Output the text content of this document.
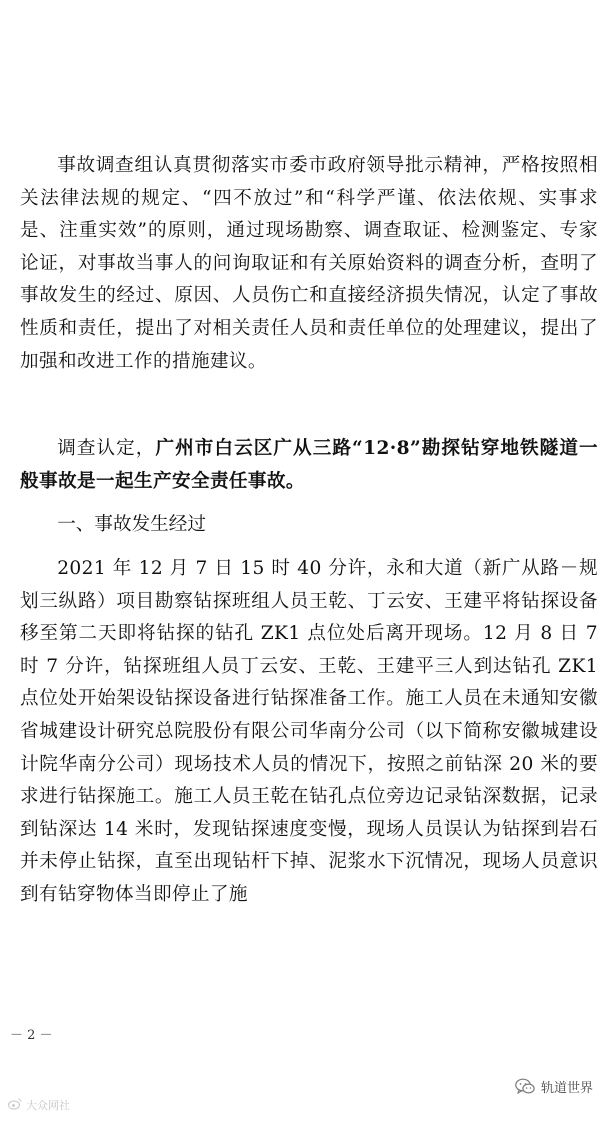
事故调查组认真贯彻落实市委市政府领导批示精神，严格按照相关法律法规的规定、“四不放过”和“科学严谨、依法依规、实事求是、注重实效”的原则，通过现场勘察、调查取证、检测鉴定、专家论证，对事故当事人的问询取证和有关原始资料的调查分析，查明了事故发生的经过、原因、人员伤亡和直接经济损失情况，认定了事故性质和责任，提出了对相关责任人员和责任单位的处理建议，提出了加强和改进工作的措施建议。

调查认定，广州市白云区广从三路“12·8”勘探钻穿地铁隧道一般事故是一起生产安全责任事故。

一、事故发生经过

2021 年 12 月 7 日 15 时 40 分许，永和大道（新广从路－规划三纵路）项目勘察钻探班组人员王乾、丁云安、王建平将钻探设备移至第二天即将钻探的钻孔 ZK1 点位处后离开现场。12 月 8 日 7 时 7 分许，钻探班组人员丁云安、王乾、王建平三人到达钻孔 ZK1 点位处开始架设钻探设备进行钻探准备工作。施工人员在未通知安徽省城建设计研究总院股份有限公司华南分公司（以下简称安徽城建设计院华南分公司）现场技术人员的情况下，按照之前钻深 20 米的要求进行钻探施工。施工人员王乾在钻孔点位旁边记录钻深数据，记录到钻深达 14 米时，发现钻探速度变慢，现场人员误认为钻探到岩石并未停止钻探，直至出现钻杆下掉、泥浆水下沉情况，现场人员意识到有钻穿物体当即停止了施

－ 2 －
大众网社
轨道世界
